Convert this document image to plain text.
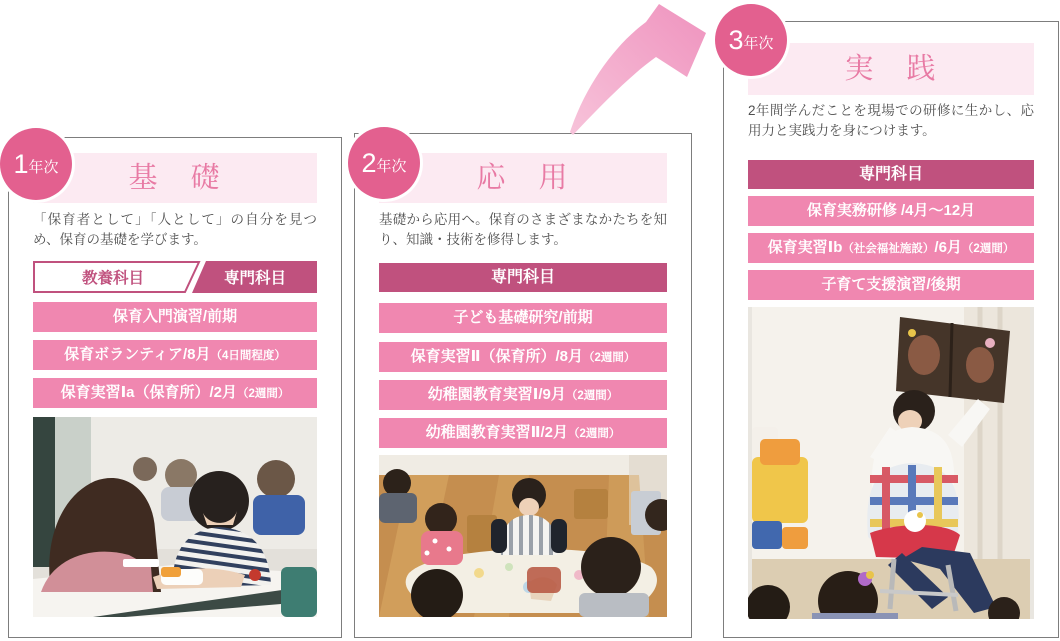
基　礎

「保育者として」「人として」の自分を見つめ、保育の基礎を学びます。

教養科目	専門科目
保育入門演習/前期
保育ボランティア/8月（4日間程度）
保育実習Ⅰa（保育所）/2月（2週間）
応　用

基礎から応用へ。保育のさまざまなかたちを知り、知識・技術を修得します。

専門科目
子ども基礎研究/前期
保育実習Ⅱ（保育所）/8月（2週間）
幼稚園教育実習Ⅰ/9月（2週間）
幼稚園教育実習Ⅱ/2月（2週間）
実　践

2年間学んだことを現場での研修に生かし、応用力と実践力を身につけます。

専門科目
保育実務研修 /4月～12月
保育実習Ⅰb（社会福祉施設）/6月（2週間）
子育て支援演習/後期
1 年次	2 年次
3 年次
